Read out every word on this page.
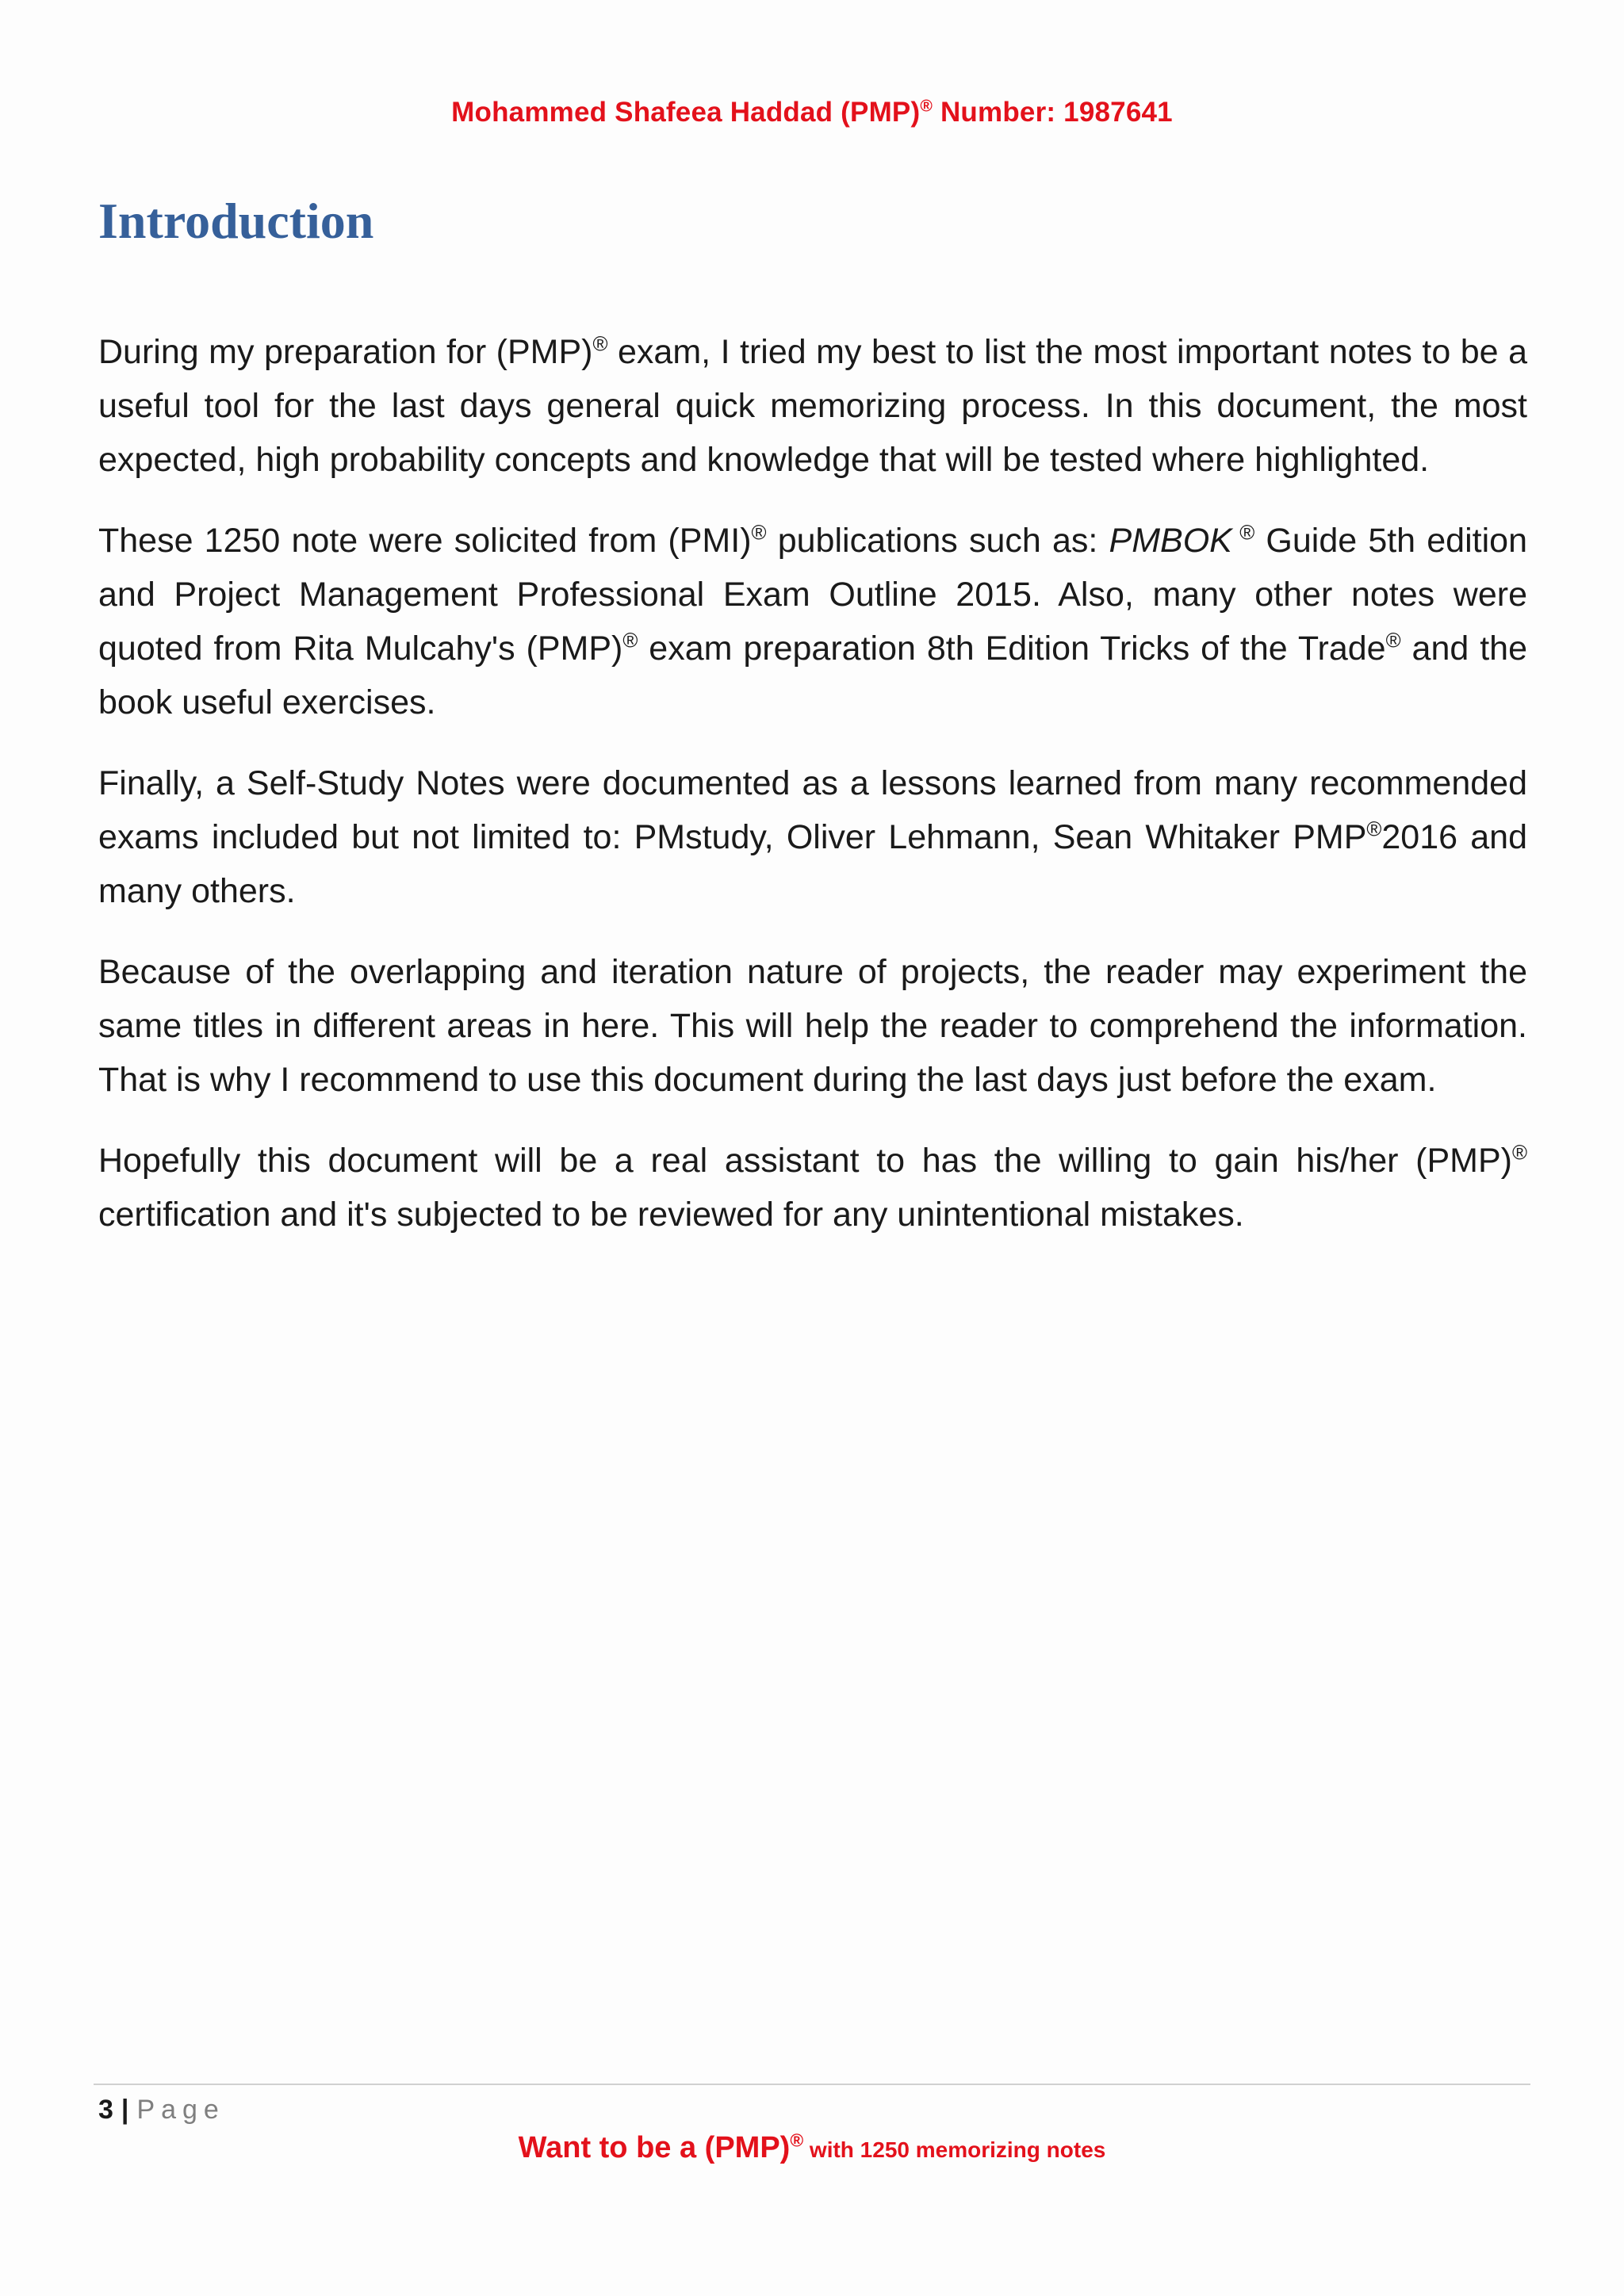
Mohammed Shafeea Haddad (PMP)® Number: 1987641
Introduction

During my preparation for (PMP)® exam, I tried my best to list the most important notes to be a useful tool for the last days general quick memorizing process. In this document, the most expected, high probability concepts and knowledge that will be tested where highlighted.

These 1250 note were solicited from (PMI)® publications such as: PMBOK ® Guide 5th edition and Project Management Professional Exam Outline 2015. Also, many other notes were quoted from Rita Mulcahy's (PMP)® exam preparation 8th Edition Tricks of the Trade® and the book useful exercises.

Finally, a Self-Study Notes were documented as a lessons learned from many recommended exams included but not limited to: PMstudy, Oliver Lehmann, Sean Whitaker PMP®2016 and many others.

Because of the overlapping and iteration nature of projects, the reader may experiment the same titles in different areas in here. This will help the reader to comprehend the information. That is why I recommend to use this document during the last days just before the exam.

Hopefully this document will be a real assistant to has the willing to gain his/her (PMP)® certification and it's subjected to be reviewed for any unintentional mistakes.

3 | Page
Want to be a (PMP)® with 1250 memorizing notes
